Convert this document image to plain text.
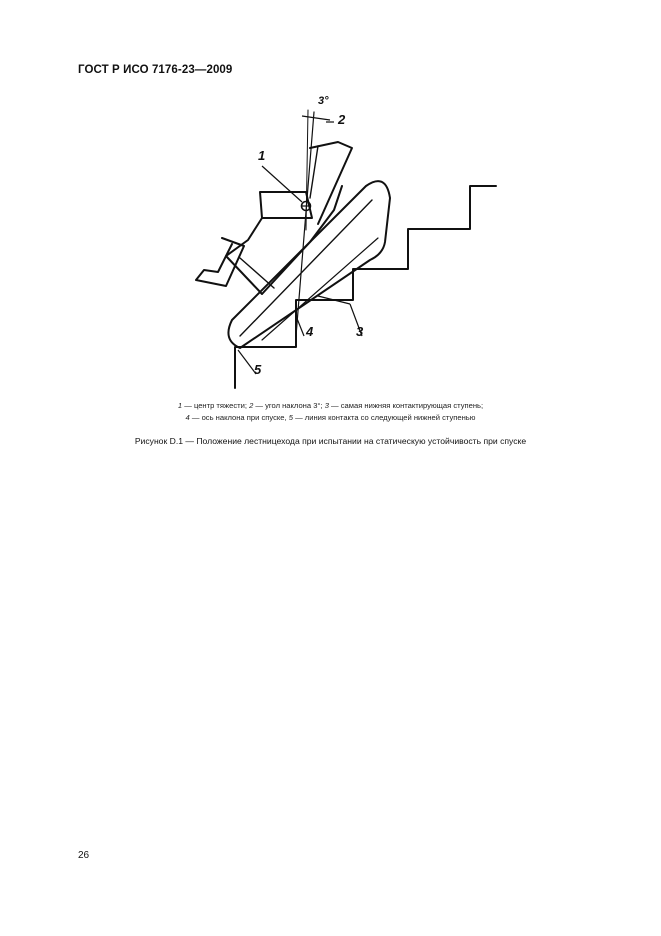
ГОСТ Р ИСО 7176-23—2009
1
3°
2
3
4
5
1 — центр тяжести; 2 — угол наклона 3°; 3 — самая нижняя контактирующая ступень;
4 — ось наклона при спуске, 5 — линия контакта со следующей нижней ступенью
Рисунок D.1 — Положение лестницехода при испытании на статическую устойчивость при спуске
26
